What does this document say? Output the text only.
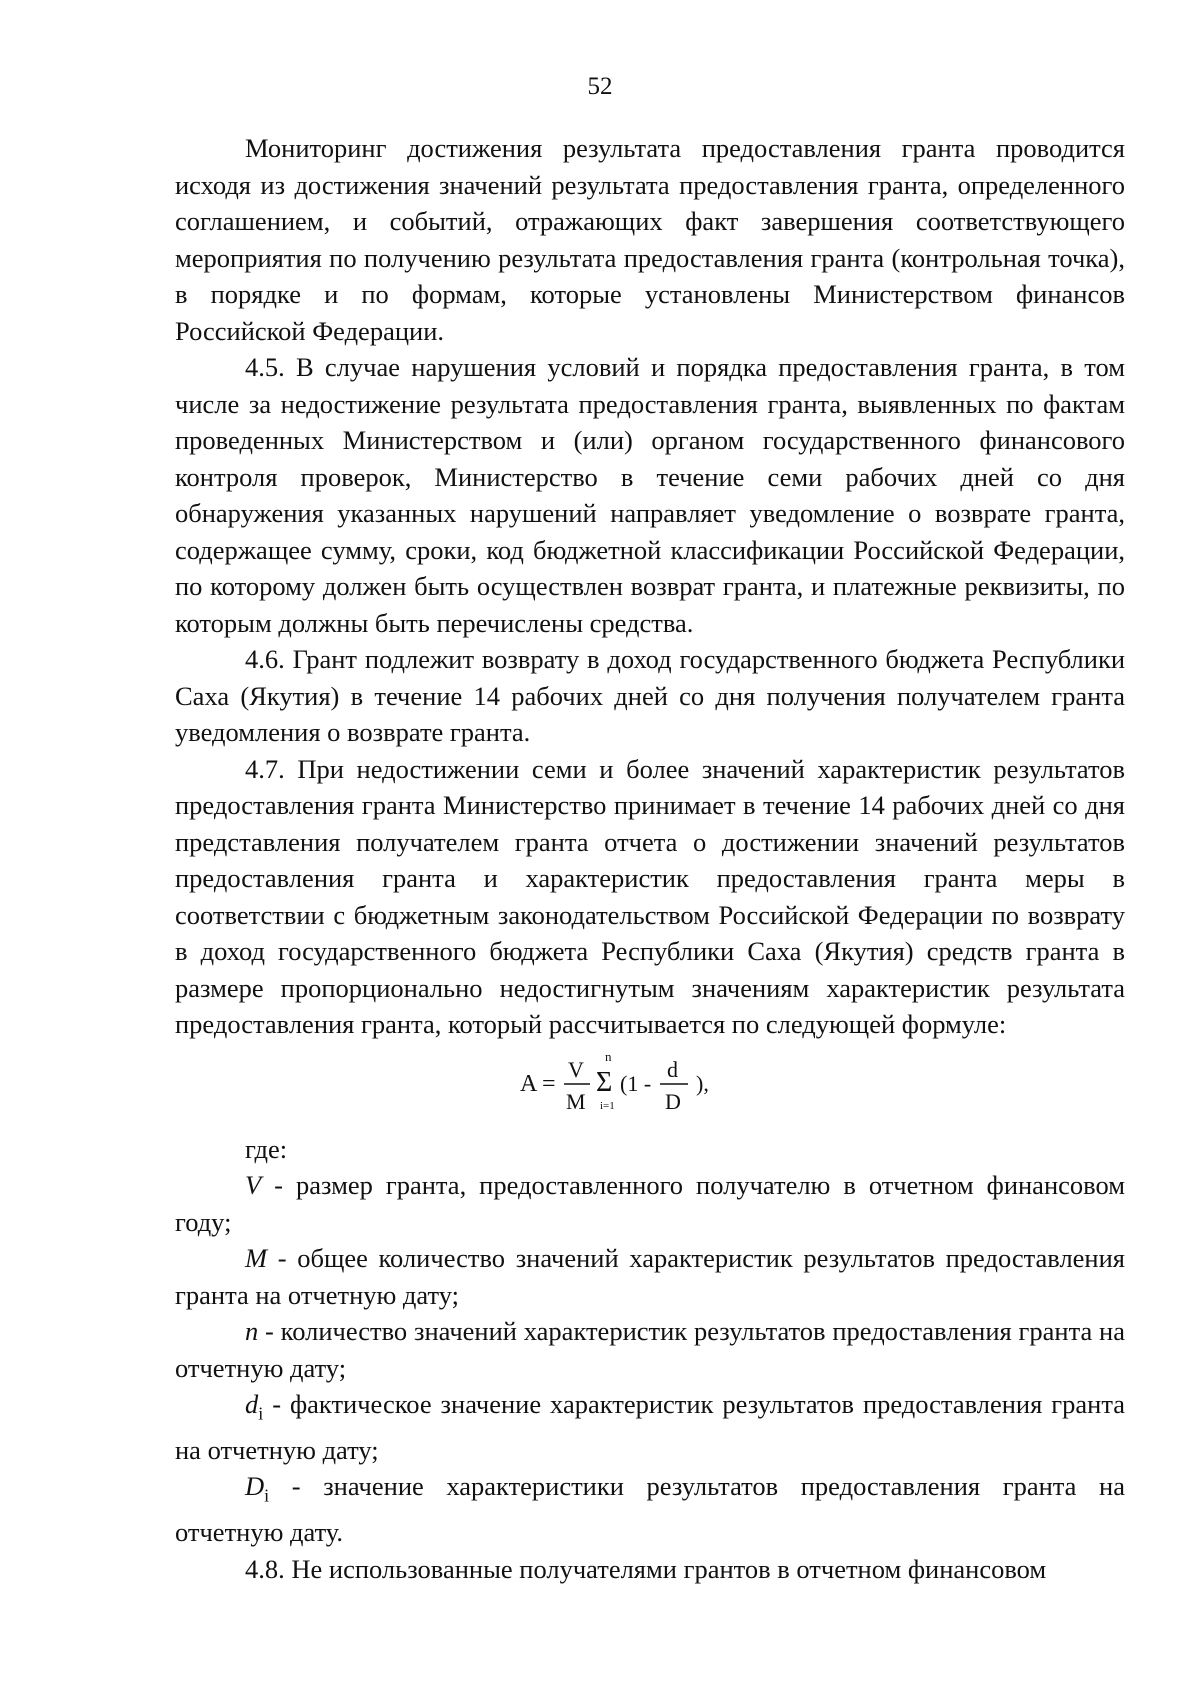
52

Мониторинг достижения результата предоставления гранта проводится исходя из достижения значений результата предоставления гранта, определенного соглашением, и событий, отражающих факт завершения соответствующего мероприятия по получению результата предоставления гранта (контрольная точка), в порядке и по формам, которые установлены Министерством финансов Российской Федерации.

4.5. В случае нарушения условий и порядка предоставления гранта, в том числе за недостижение результата предоставления гранта, выявленных по фактам проведенных Министерством и (или) органом государственного финансового контроля проверок, Министерство в течение семи рабочих дней со дня обнаружения указанных нарушений направляет уведомление о возврате гранта, содержащее сумму, сроки, код бюджетной классификации Российской Федерации, по которому должен быть осуществлен возврат гранта, и платежные реквизиты, по которым должны быть перечислены средства.

4.6. Грант подлежит возврату в доход государственного бюджета Республики Саха (Якутия) в течение 14 рабочих дней со дня получения получателем гранта уведомления о возврате гранта.

4.7. При недостижении семи и более значений характеристик результатов предоставления гранта Министерство принимает в течение 14 рабочих дней со дня представления получателем гранта отчета о достижении значений результатов предоставления гранта и характеристик предоставления гранта меры в соответствии с бюджетным законодательством Российской Федерации по возврату в доход государственного бюджета Республики Саха (Якутия) средств гранта в размере пропорционально недостигнутым значениям характеристик результата предоставления гранта, который рассчитывается по следующей формуле:

A =
V
M
n
Σ
i=1
(1 -
d
D
),

где:

V - размер гранта, предоставленного получателю в отчетном финансовом году;

M - общее количество значений характеристик результатов предоставления гранта на отчетную дату;

n - количество значений характеристик результатов предоставления гранта на отчетную дату;

$d_i$ - фактическое значение характеристик результатов предоставления гранта на отчетную дату;

$D_i$ - значение характеристики результатов предоставления гранта на отчетную дату.

4.8. Не использованные получателями грантов в отчетном финансовом
